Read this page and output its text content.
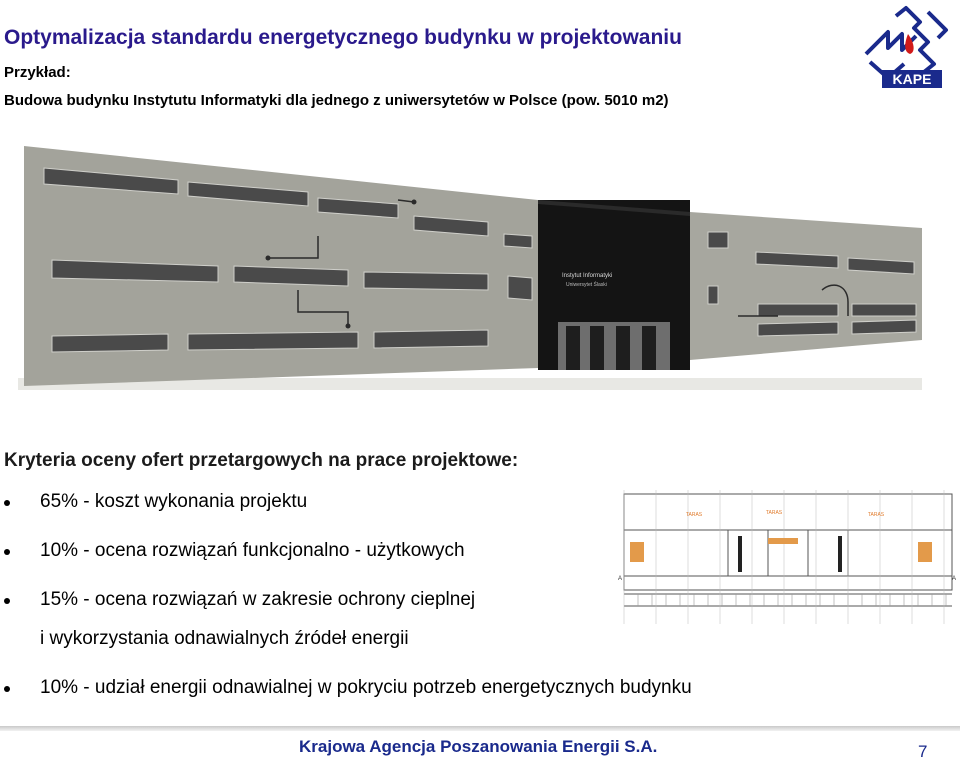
Optymalizacja standardu energetycznego budynku w projektowaniu

Przykład:

Budowa budynku Instytutu Informatyki dla jednego z uniwersytetów w Polsce (pow. 5010 m2)

KAPE
Instytut Informatyki
Uniwersytet Ślaski
Kryteria oceny ofert przetargowych na prace projektowe:
65% - koszt wykonania projektu
10% - ocena rozwiązań funkcjonalno - użytkowych
15% - ocena rozwiązań w zakresie ochrony cieplnej
i wykorzystania odnawialnych źródeł energii
10% - udział energii odnawialnej w pokryciu potrzeb energetycznych budynku
TARAS	TARAS	TARAS
A	A

Krajowa Agencja Poszanowania Energii S.A.	7
